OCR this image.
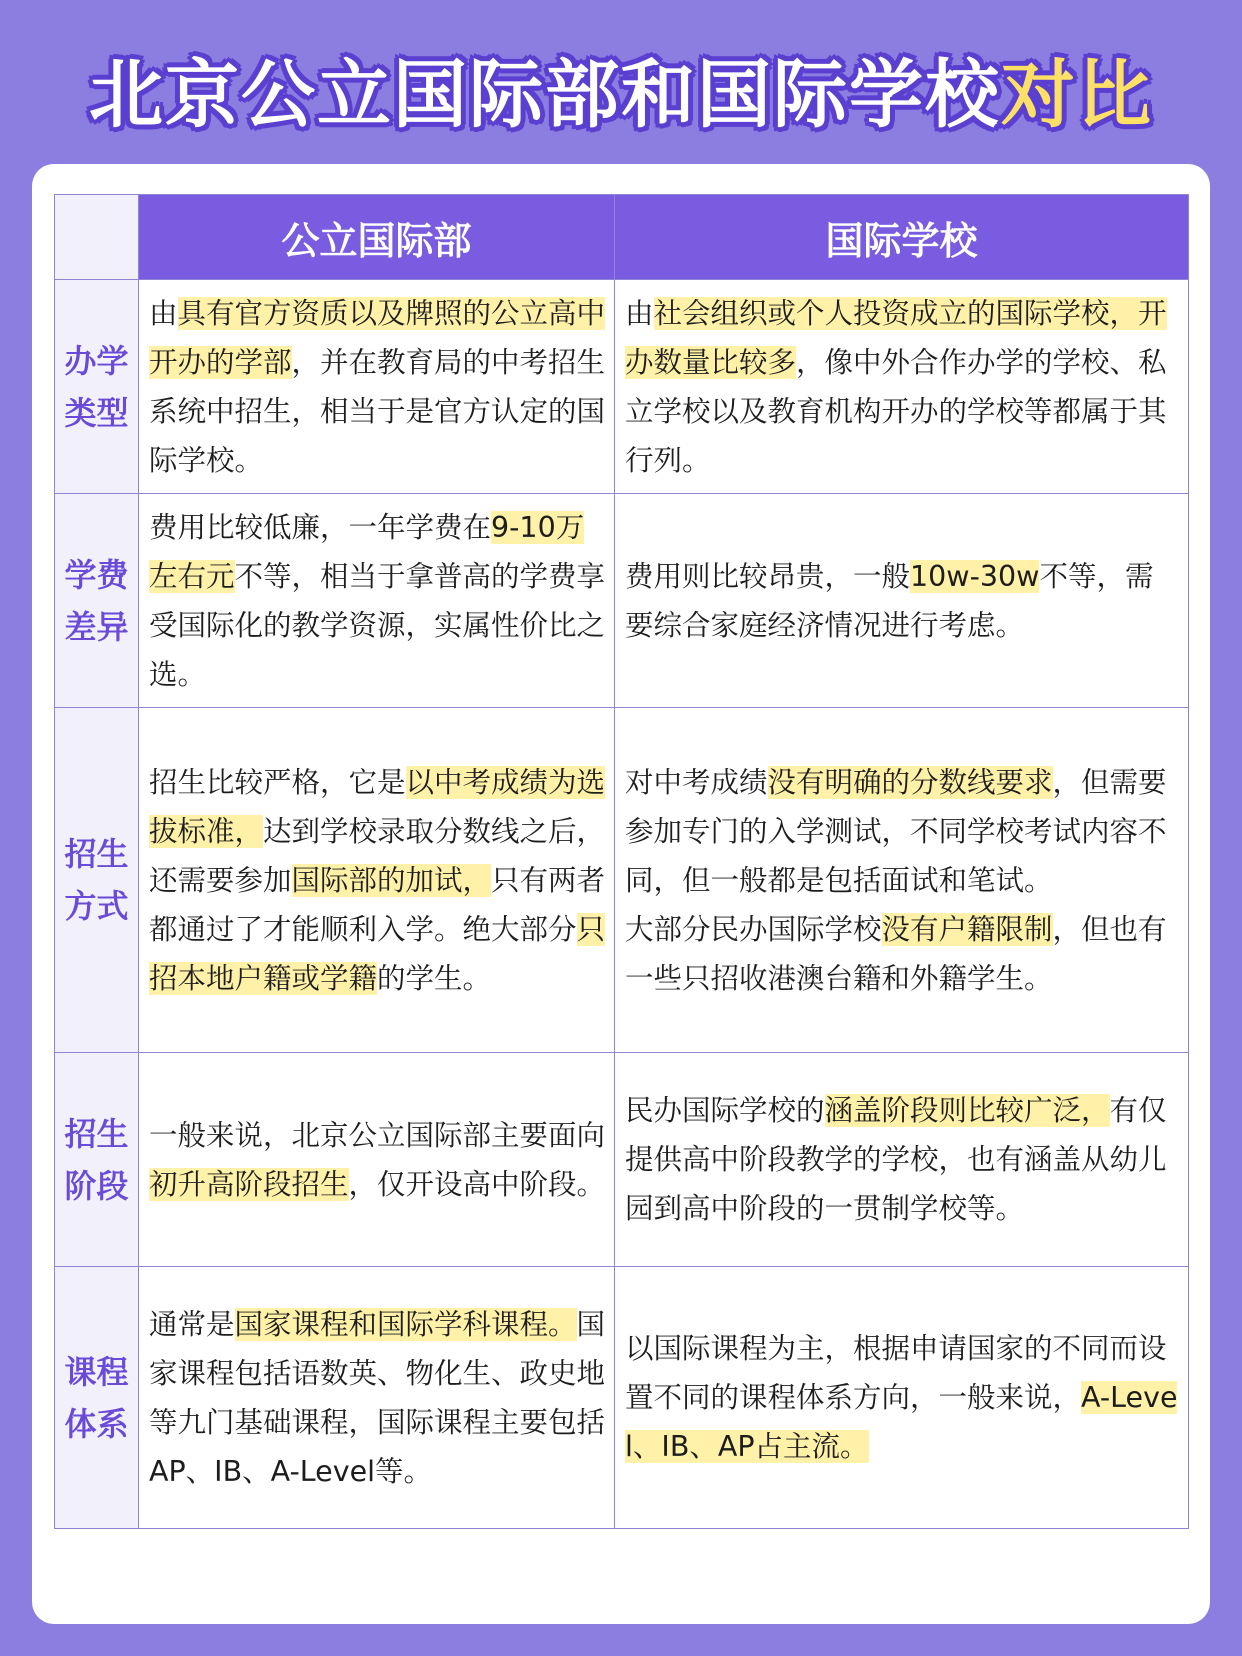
北京公立国际部和国际学校对比
	公立国际部	国际学校
办学
类型	由具有官方资质以及牌照的公立高中开办的学部，并在教育局的中考招生系统中招生，相当于是官方认定的国际学校。	由社会组织或个人投资成立的国际学校，开办数量比较多，像中外合作办学的学校、私立学校以及教育机构开办的学校等都属于其行列。

学费
差异	费用比较低廉，一年学费在9-10万左右元不等，相当于拿普高的学费享受国际化的教学资源，实属性价比之选。	费用则比较昂贵，一般10w-30w不等，需要综合家庭经济情况进行考虑。

招生
方式	招生比较严格，它是以中考成绩为选拔标准，达到学校录取分数线之后，还需要参加国际部的加试，只有两者都通过了才能顺利入学。绝大部分只招本地户籍或学籍的学生。	对中考成绩没有明确的分数线要求，但需要参加专门的入学测试，不同学校考试内容不同，但一般都是包括面试和笔试。
大部分民办国际学校没有户籍限制，但也有一些只招收港澳台籍和外籍学生。

招生
阶段	一般来说，北京公立国际部主要面向初升高阶段招生，仅开设高中阶段。	民办国际学校的涵盖阶段则比较广泛，有仅提供高中阶段教学的学校，也有涵盖从幼儿园到高中阶段的一贯制学校等。

课程
体系	通常是国家课程和国际学科课程。国家课程包括语数英、物化生、政史地等九门基础课程，国际课程主要包括AP、IB、A-Level等。	以国际课程为主，根据申请国家的不同而设置不同的课程体系方向，一般来说，A-Level、IB、AP占主流。
